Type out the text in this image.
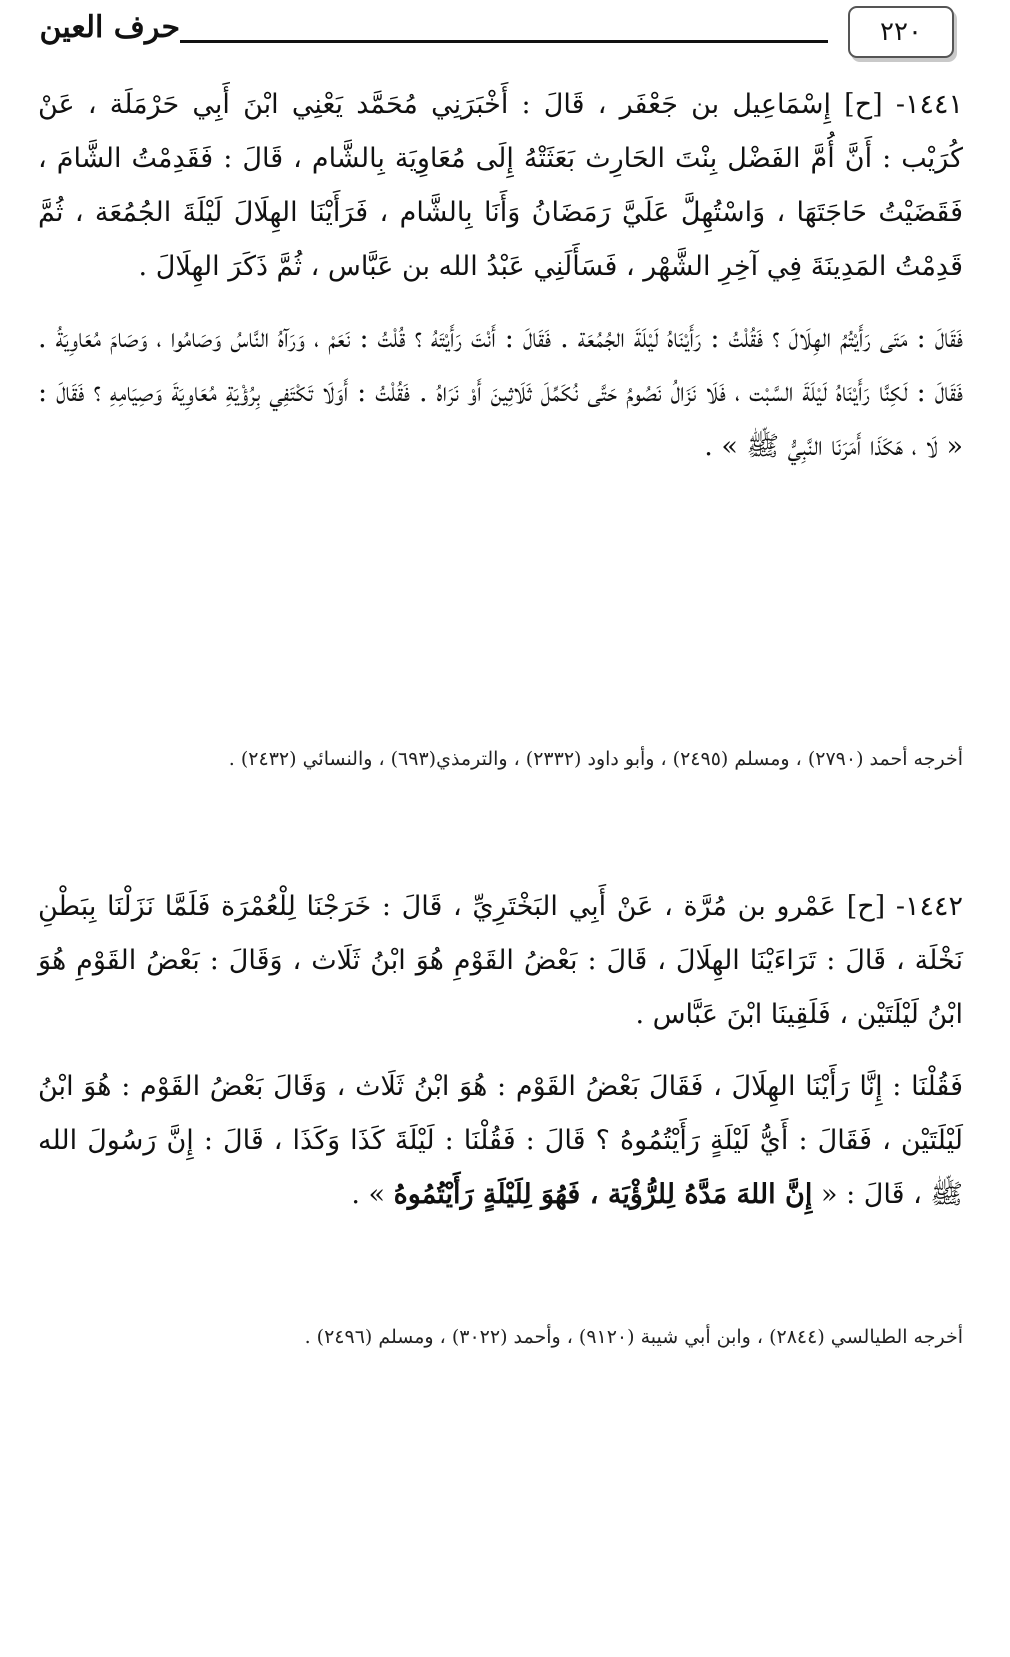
٢٢٠
حرف العين

١٤٤١- [ح] إِسْمَاعِيل بن جَعْفَر ، قَالَ : أَخْبَرَنِي مُحَمَّد يَعْنِي ابْنَ أَبِي حَرْمَلَة ، عَنْ كُرَيْب : أَنَّ أُمَّ الفَضْل بِنْتَ الحَارِث بَعَثَتْهُ إِلَى مُعَاوِيَة بِالشَّام ، قَالَ : فَقَدِمْتُ الشَّامَ ، فَقَضَيْتُ حَاجَتَهَا ، وَاسْتُهِلَّ عَلَيَّ رَمَضَانُ وَأَنَا بِالشَّام ، فَرَأَيْنَا الهِلَالَ لَيْلَةَ الجُمُعَة ، ثُمَّ قَدِمْتُ المَدِينَةَ فِي آخِرِ الشَّهْر ، فَسَأَلَنِي عَبْدُ الله بن عَبَّاس ، ثُمَّ ذَكَرَ الهِلَالَ .

فَقَالَ : مَتَى رَأَيْتُمُ الهِلَالَ ؟ فَقُلْتُ : رَأَيْنَاهُ لَيْلَةَ الجُمُعَة . فَقَالَ : أَنْتَ رَأَيْتَهُ ؟ قُلْتُ : نَعَمْ ، وَرَآهُ النَّاسُ وَصَامُوا ، وَصَامَ مُعَاوِيَةُ . فَقَالَ : لَكِنَّا رَأَيْنَاهُ لَيْلَةَ السَّبْت ، فَلَا نَزَالُ نَصُومُ حَتَّى نُكَمِّلَ ثَلَاثِينَ أَوْ نَرَاهُ . فَقُلْتُ : أَوَلَا تَكْتَفِي بِرُؤْيَةِ مُعَاوِيَةَ وَصِيَامِهِ ؟ فَقَالَ : « لَا ، هَكَذَا أَمَرَنَا النَّبِيُّ ﷺ » .

أخرجه أحمد (٢٧٩٠) ، ومسلم (٢٤٩٥) ، وأبو داود (٢٣٣٢) ، والترمذي(٦٩٣) ، والنسائي (٢٤٣٢) .

١٤٤٢- [ح] عَمْرو بن مُرَّة ، عَنْ أَبِي البَخْتَرِيِّ ، قَالَ : خَرَجْنَا لِلْعُمْرَة فَلَمَّا نَزَلْنَا بِبَطْنِ نَخْلَة ، قَالَ : تَرَاءَيْنَا الهِلَالَ ، قَالَ : بَعْضُ القَوْمِ هُوَ ابْنُ ثَلَاث ، وَقَالَ : بَعْضُ القَوْمِ هُوَ ابْنُ لَيْلَتَيْن ، فَلَقِينَا ابْنَ عَبَّاس .

فَقُلْنَا : إِنَّا رَأَيْنَا الهِلَالَ ، فَقَالَ بَعْضُ القَوْم : هُوَ ابْنُ ثَلَاث ، وَقَالَ بَعْضُ القَوْم : هُوَ ابْنُ لَيْلَتَيْن ، فَقَالَ : أَيُّ لَيْلَةٍ رَأَيْتُمُوهُ ؟ قَالَ : فَقُلْنَا : لَيْلَةَ كَذَا وَكَذَا ، قَالَ : إِنَّ رَسُولَ الله ﷺ ، قَالَ : « إِنَّ اللهَ مَدَّهُ لِلرُّؤْيَة ، فَهُوَ لِلَيْلَةٍ رَأَيْتُمُوهُ » .

أخرجه الطيالسي (٢٨٤٤) ، وابن أبي شيبة (٩١٢٠) ، وأحمد (٣٠٢٢) ، ومسلم (٢٤٩٦) .
